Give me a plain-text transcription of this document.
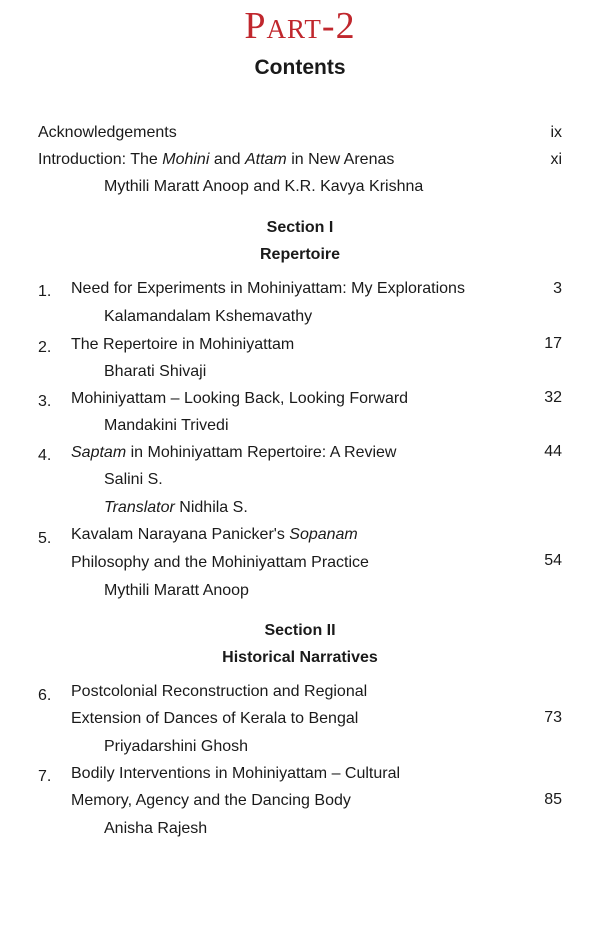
Part-2
Contents
Acknowledgements	ix
Introduction: The Mohini and Attam in New Arenas	xi
Mythili Maratt Anoop and K.R. Kavya Krishna
Section I
Repertoire
1. Need for Experiments in Mohiniyattam: My Explorations	3
Kalamandalam Kshemavathy
2. The Repertoire in Mohiniyattam	17
Bharati Shivaji
3. Mohiniyattam – Looking Back, Looking Forward	32
Mandakini Trivedi
4. Saptam in Mohiniyattam Repertoire: A Review	44
Salini S.
Translator Nidhila S.
5. Kavalam Narayana Panicker's Sopanam
Philosophy and the Mohiniyattam Practice	54
Mythili Maratt Anoop
Section II
Historical Narratives
6. Postcolonial Reconstruction and Regional
Extension of Dances of Kerala to Bengal	73
Priyadarshini Ghosh
7. Bodily Interventions in Mohiniyattam – Cultural
Memory, Agency and the Dancing Body	85
Anisha Rajesh
